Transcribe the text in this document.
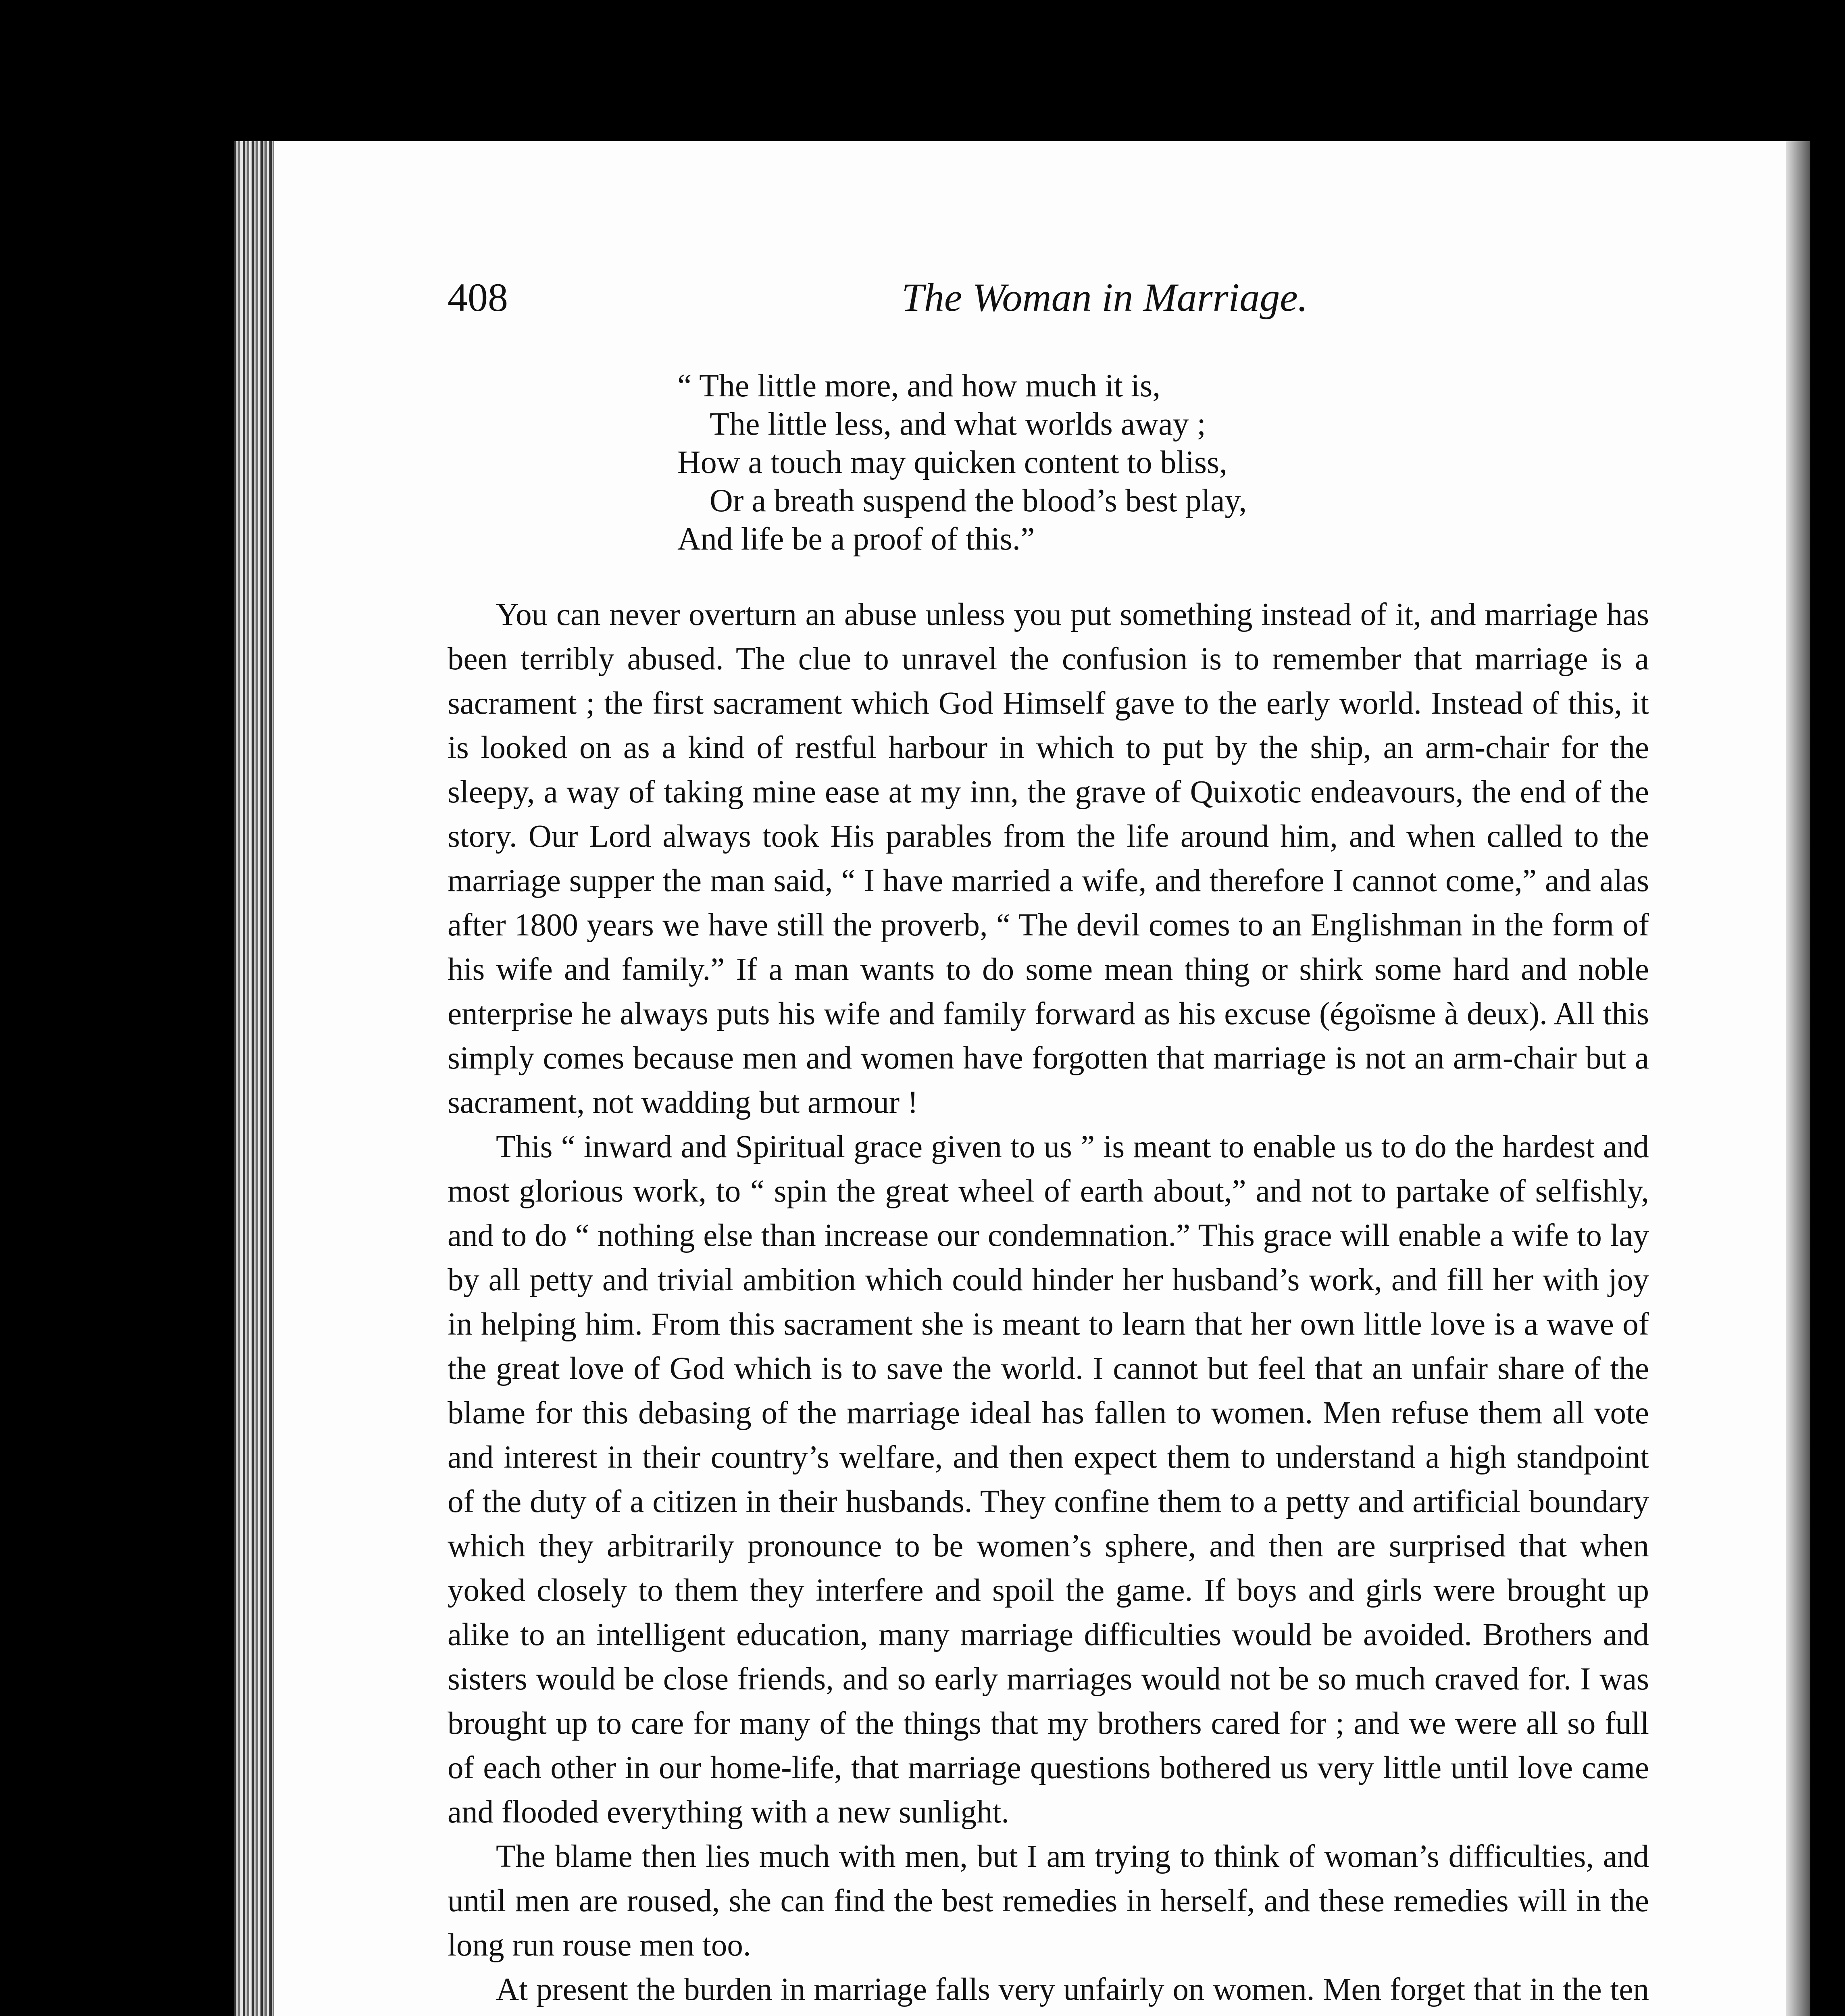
408	The Woman in Marriage.
“ The little more, and how much it is,
The little less, and what worlds away ;
How a touch may quicken content to bliss,
Or a breath suspend the blood’s best play,
And life be a proof of this.”

You can never overturn an abuse unless you put something instead of it, and marriage has been terribly abused. The clue to unravel the confusion is to remember that marriage is a sacrament ; the first sacrament which God Himself gave to the early world. Instead of this, it is looked on as a kind of restful harbour in which to put by the ship, an arm-chair for the sleepy, a way of taking mine ease at my inn, the grave of Quixotic endeavours, the end of the story. Our Lord always took His parables from the life around him, and when called to the marriage supper the man said, “ I have married a wife, and therefore I cannot come,” and alas after 1800 years we have still the proverb, “ The devil comes to an Englishman in the form of his wife and family.” If a man wants to do some mean thing or shirk some hard and noble enterprise he always puts his wife and family forward as his excuse (égoïsme à deux). All this simply comes because men and women have forgotten that marriage is not an arm-chair but a sacrament, not wadding but armour !

This “ inward and Spiritual grace given to us ” is meant to enable us to do the hardest and most glorious work, to “ spin the great wheel of earth about,” and not to partake of selfishly, and to do “ nothing else than increase our condemnation.” This grace will enable a wife to lay by all petty and trivial ambition which could hinder her husband’s work, and fill her with joy in helping him. From this sacrament she is meant to learn that her own little love is a wave of the great love of God which is to save the world. I cannot but feel that an unfair share of the blame for this debasing of the marriage ideal has fallen to women. Men refuse them all vote and interest in their country’s welfare, and then expect them to understand a high standpoint of the duty of a citizen in their husbands. They confine them to a petty and artificial boundary which they arbitrarily pronounce to be women’s sphere, and then are surprised that when yoked closely to them they interfere and spoil the game. If boys and girls were brought up alike to an intelligent education, many marriage difficulties would be avoided. Brothers and sisters would be close friends, and so early marriages would not be so much craved for. I was brought up to care for many of the things that my brothers cared for ; and we were all so full of each other in our home-life, that marriage questions bothered us very little until love came and flooded everything with a new sunlight.

The blame then lies much with men, but I am trying to think of woman’s difficulties, and until men are roused, she can find the best remedies in herself, and these remedies will in the long run rouse men too.

At present the burden in marriage falls very unfairly on women. Men forget that in the ten
